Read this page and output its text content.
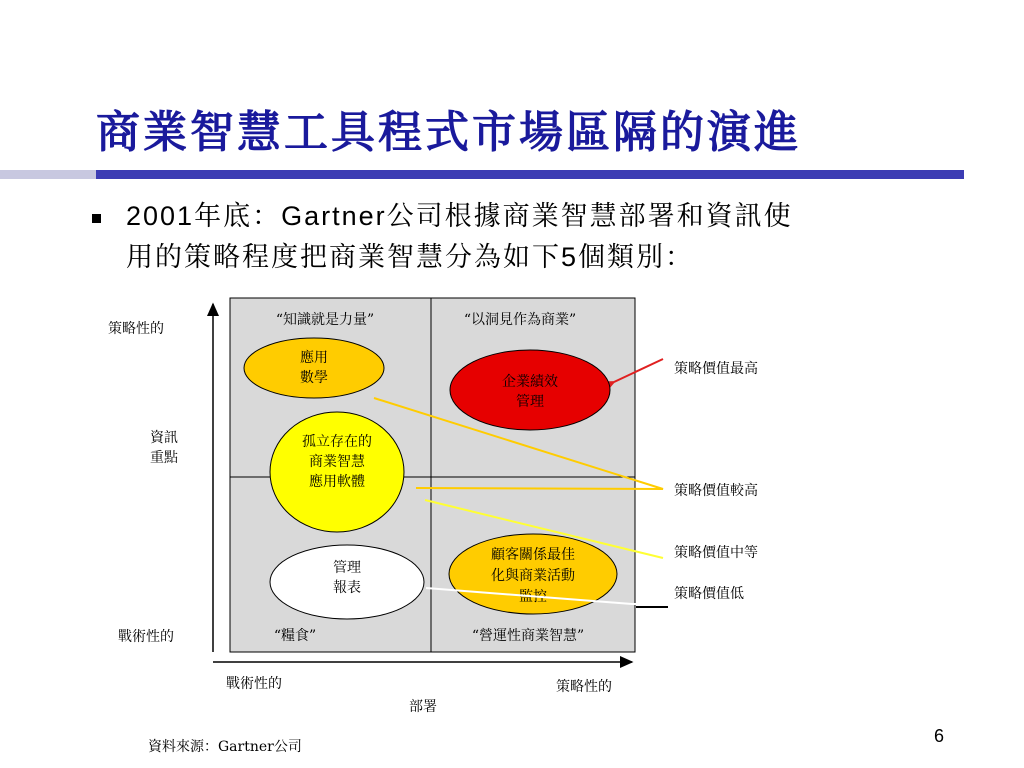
商業智慧工具程式市場區隔的演進
2001年底：Gartner公司根據商業智慧部署和資訊使
用的策略程度把商業智慧分為如下5個類別：
“知識就是力量”	“以洞見作為商業”
“糧食”	“營運性商業智慧”
應用
數學	企業績效
管理
孤立存在的
商業智慧
應用軟體
管理
報表
顧客關係最佳
化與商業活動
監控
策略性的
資訊
重點
戰術性的
戰術性的	策略性的
部署
策略價值最高
策略價值較高
策略價值中等
策略價值低
資料來源：Gartner公司
6
